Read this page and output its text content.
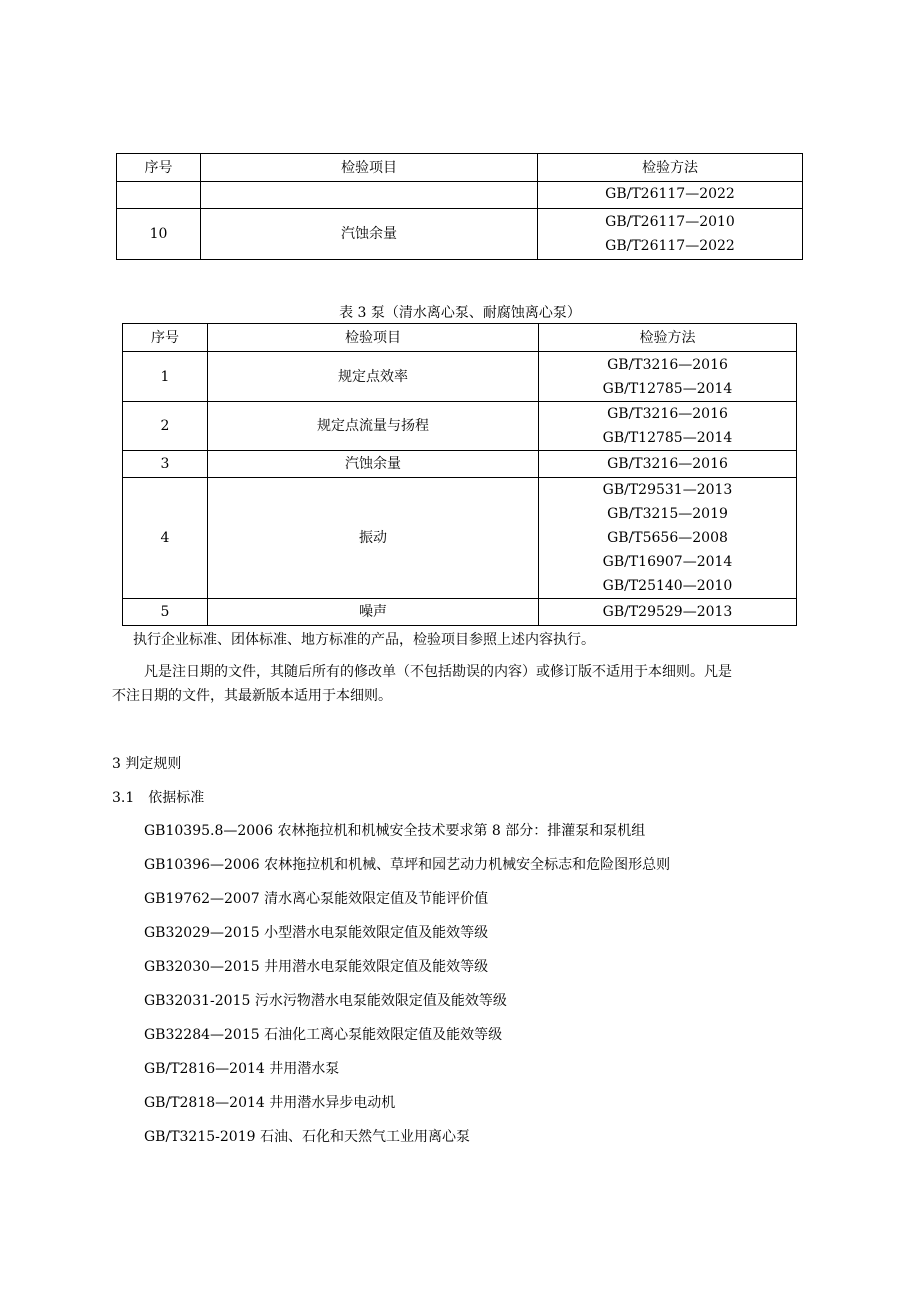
序号	检验项目	检验方法

		GB/T26117—2022

10	汽蚀余量	GB/T26117—2010
GB/T26117—2022
表 3 泵（清水离心泵、耐腐蚀离心泵）
序号	检验项目	检验方法
1	规定点效率	GB/T3216—2016
GB/T12785—2014

2	规定点流量与扬程	GB/T3216—2016
GB/T12785—2014

3	汽蚀余量	GB/T3216—2016

4	振动	GB/T29531—2013
GB/T3215—2019
GB/T5656—2008
GB/T16907—2014
GB/T25140—2010

5	噪声	GB/T29529—2013
执行企业标准、团体标准、地方标准的产品，检验项目参照上述内容执行。
凡是注日期的文件，其随后所有的修改单（不包括勘误的内容）或修订版不适用于本细则。凡是
不注日期的文件，其最新版本适用于本细则。
3 判定规则
3.1　依据标准
GB10395.8—2006 农林拖拉机和机械安全技术要求第 8 部分：排灌泵和泵机组
GB10396—2006 农林拖拉机和机械、草坪和园艺动力机械安全标志和危险图形总则
GB19762—2007 清水离心泵能效限定值及节能评价值
GB32029—2015 小型潜水电泵能效限定值及能效等级
GB32030—2015 井用潜水电泵能效限定值及能效等级
GB32031-2015 污水污物潜水电泵能效限定值及能效等级
GB32284—2015 石油化工离心泵能效限定值及能效等级
GB/T2816—2014 井用潜水泵
GB/T2818—2014 井用潜水异步电动机
GB/T3215-2019 石油、石化和天然气工业用离心泵
